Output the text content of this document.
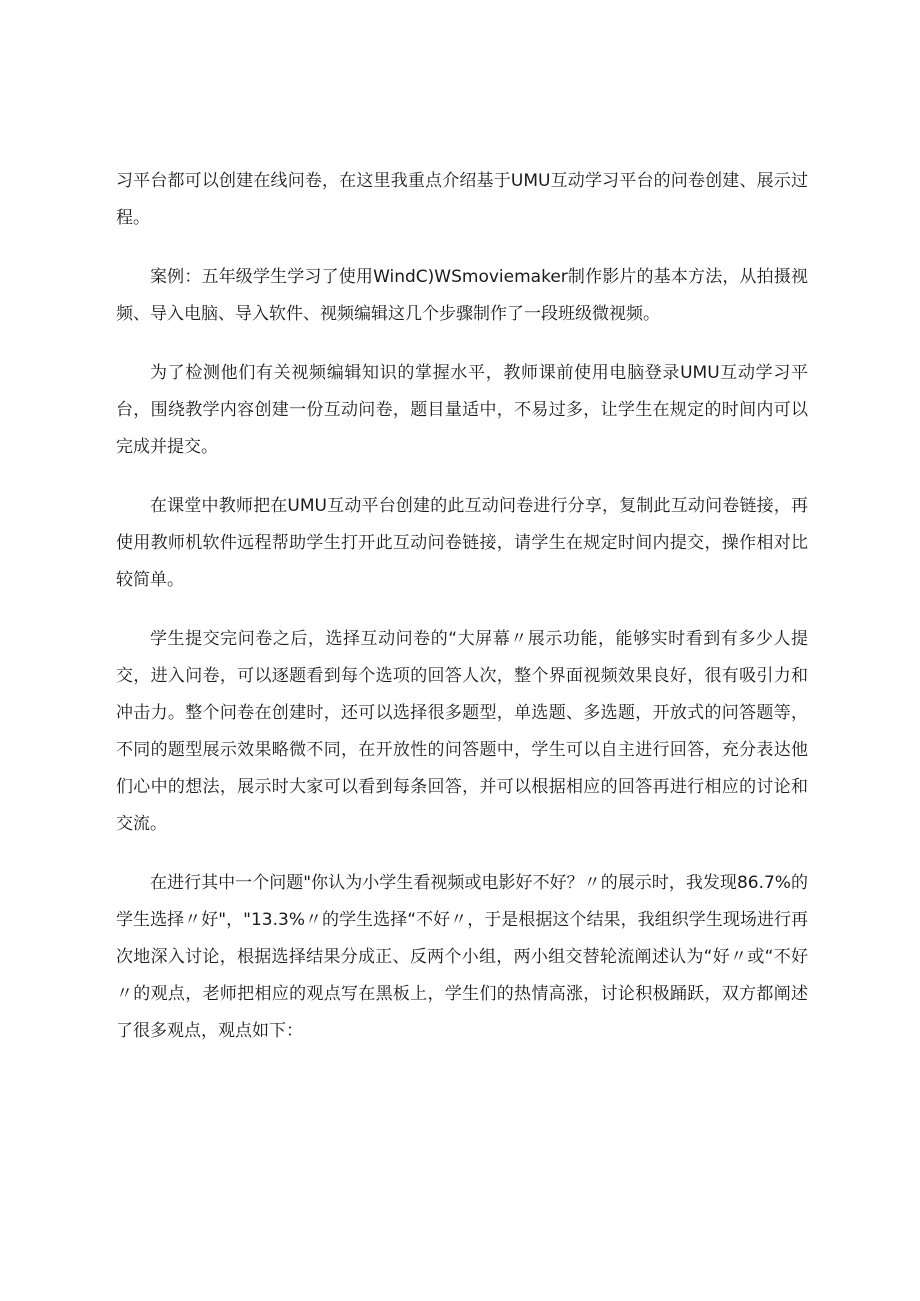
习平台都可以创建在线问卷，在这里我重点介绍基于UMU互动学习平台的问卷创建、展示过程。

案例：五年级学生学习了使用WindC)WSmoviemaker制作影片的基本方法，从拍摄视频、导入电脑、导入软件、视频编辑这几个步骤制作了一段班级微视频。

为了检测他们有关视频编辑知识的掌握水平，教师课前使用电脑登录UMU互动学习平台，围绕教学内容创建一份互动问卷，题目量适中，不易过多，让学生在规定的时间内可以完成并提交。

在课堂中教师把在UMU互动平台创建的此互动问卷进行分享，复制此互动问卷链接，再使用教师机软件远程帮助学生打开此互动问卷链接，请学生在规定时间内提交，操作相对比较简单。

学生提交完问卷之后，选择互动问卷的“大屏幕〃展示功能，能够实时看到有多少人提交，进入问卷，可以逐题看到每个选项的回答人次，整个界面视频效果良好，很有吸引力和冲击力。整个问卷在创建时，还可以选择很多题型，单选题、多选题，开放式的问答题等，不同的题型展示效果略微不同，在开放性的问答题中，学生可以自主进行回答，充分表达他们心中的想法，展示时大家可以看到每条回答，并可以根据相应的回答再进行相应的讨论和交流。

在进行其中一个问题"你认为小学生看视频或电影好不好？〃的展示时，我发现86.7%的学生选择〃好"，"13.3%〃的学生选择“不好〃，于是根据这个结果，我组织学生现场进行再次地深入讨论，根据选择结果分成正、反两个小组，两小组交替轮流阐述认为“好〃或“不好〃的观点，老师把相应的观点写在黑板上，学生们的热情高涨，讨论积极踊跃，双方都阐述了很多观点，观点如下：
